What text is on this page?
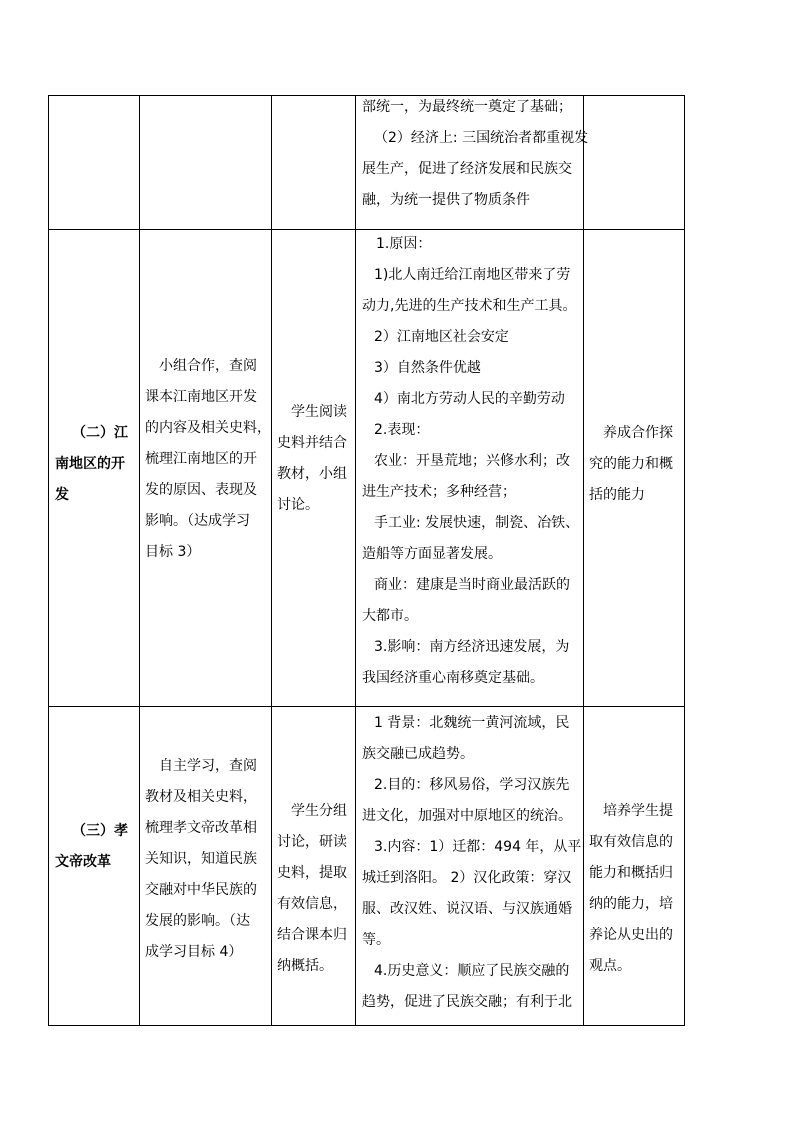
部统一，为最终统一奠定了基础；
（2）经济上: 三国统治者都重视发
展生产，促进了经济发展和民族交
融，为统一提供了物质条件
（二）江
南地区的开
发
小组合作，查阅
课本江南地区开发
的内容及相关史料，
梳理江南地区的开
发的原因、表现及
影响。（达成学习
目标 3）
学生阅读
史料并结合
教材，小组
讨论。
1.原因：
1)北人南迁给江南地区带来了劳
动力,先进的生产技术和生产工具。
2）江南地区社会安定
3）自然条件优越
4）南北方劳动人民的辛勤劳动
2.表现：
农业：开垦荒地；兴修水利；改
进生产技术；多种经营；
手工业: 发展快速，制瓷、冶铁、
造船等方面显著发展。
商业：建康是当时商业最活跃的
大都市。
3.影响：南方经济迅速发展，为
我国经济重心南移奠定基础。
养成合作探
究的能力和概
括的能力
（三）孝
文帝改革
自主学习，查阅
教材及相关史料，
梳理孝文帝改革相
关知识，知道民族
交融对中华民族的
发展的影响。（达
成学习目标 4）
学生分组
讨论，研读
史料，提取
有效信息，
结合课本归
纳概括。
1 背景：北魏统一黄河流域，民
族交融已成趋势。
2.目的：移风易俗，学习汉族先
进文化，加强对中原地区的统治。
3.内容：1）迁都：494 年，从平
城迁到洛阳。 2）汉化政策：穿汉
服、改汉姓、说汉语、与汉族通婚
等。
4.历史意义：顺应了民族交融的
趋势，促进了民族交融；有利于北
培养学生提
取有效信息的
能力和概括归
纳的能力，培
养论从史出的
观点。
